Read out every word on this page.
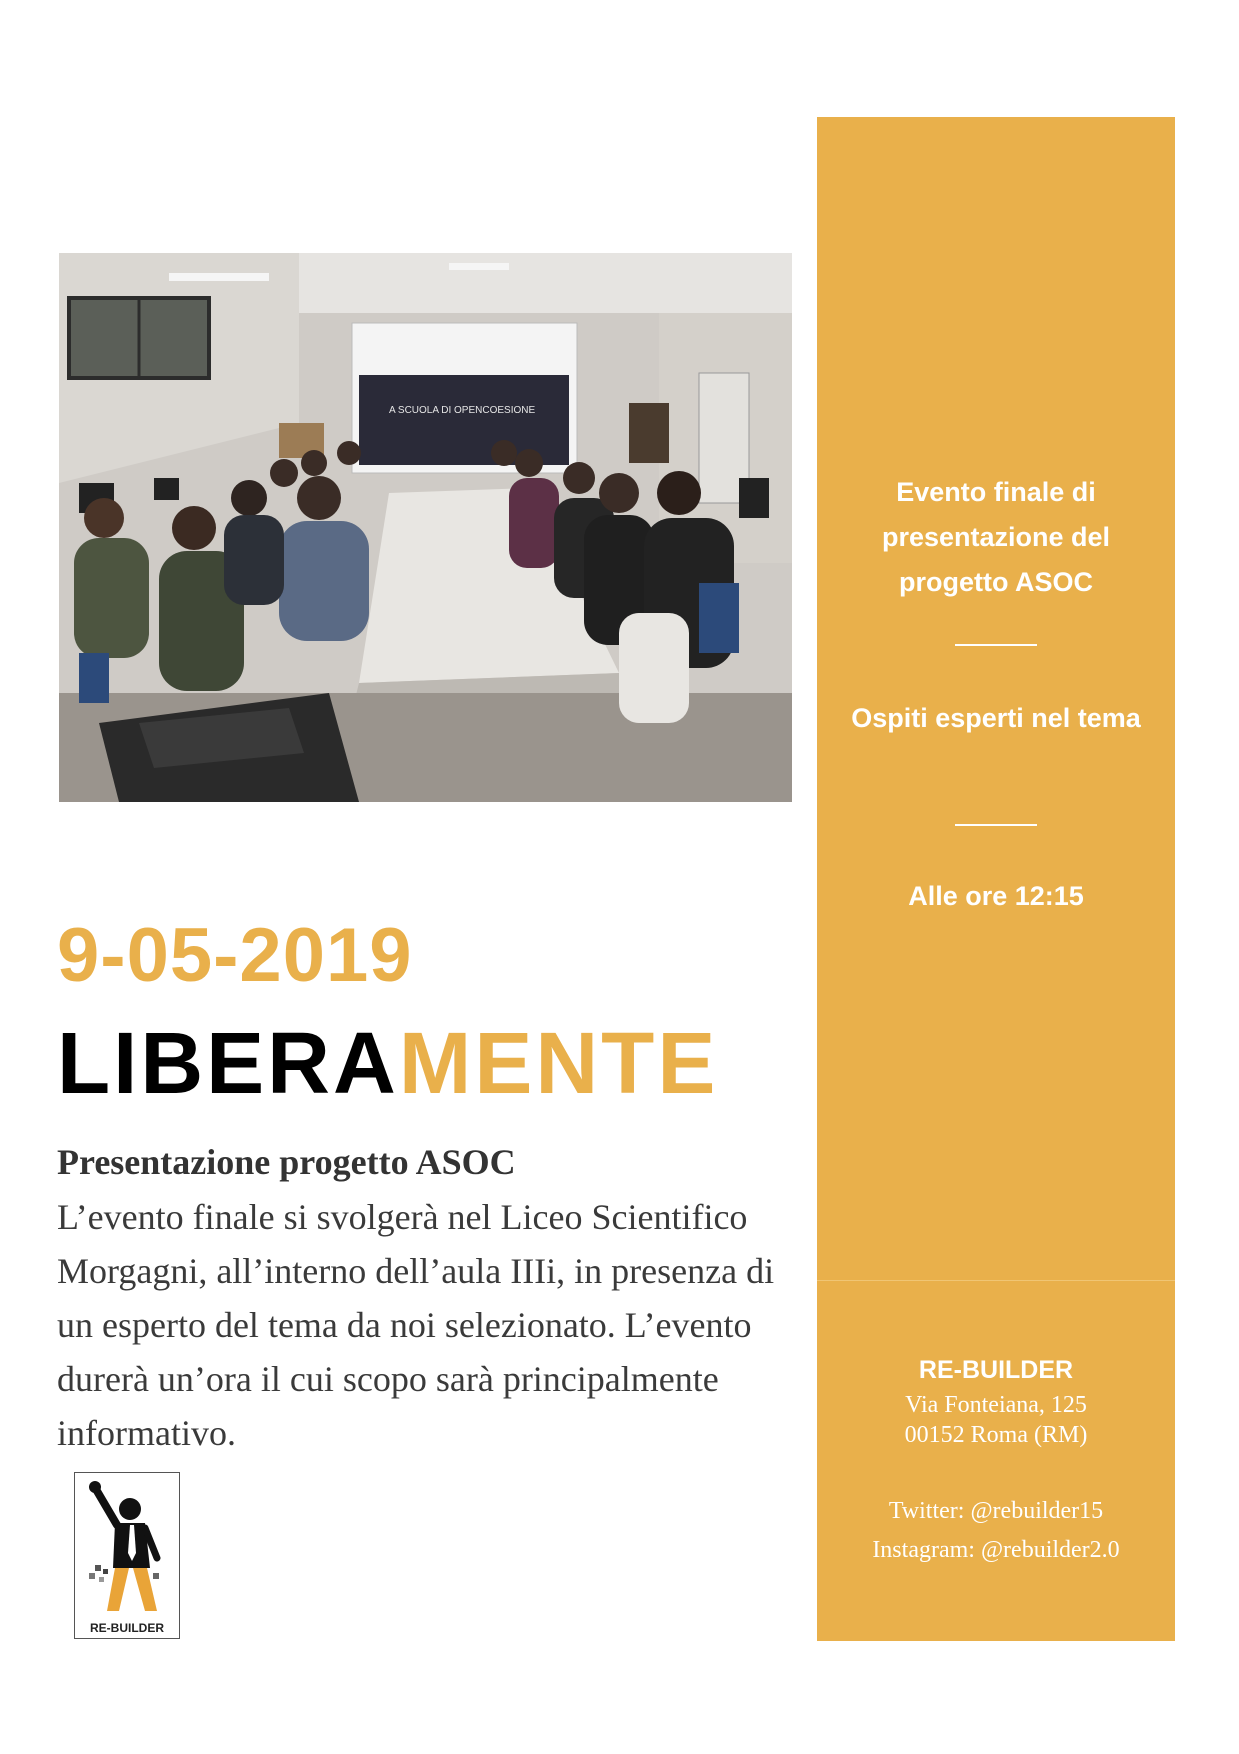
A SCUOLA DI OPENCOESIONE
9-05-2019
LIBERAMENTE
Presentazione progetto ASOC
L’evento finale si svolgerà nel Liceo Scientifico Morgagni, all’interno dell’aula IIIi, in presenza di un esperto del tema da noi selezionato. L’evento durerà un’ora il cui scopo sarà principalmente informativo.
RE-BUILDER
Evento finale di presentazione del progetto ASOC
Ospiti esperti nel tema
Alle ore 12:15
RE-BUILDER
Via Fonteiana, 125
00152 Roma (RM)
Twitter: @rebuilder15
Instagram: @rebuilder2.0
